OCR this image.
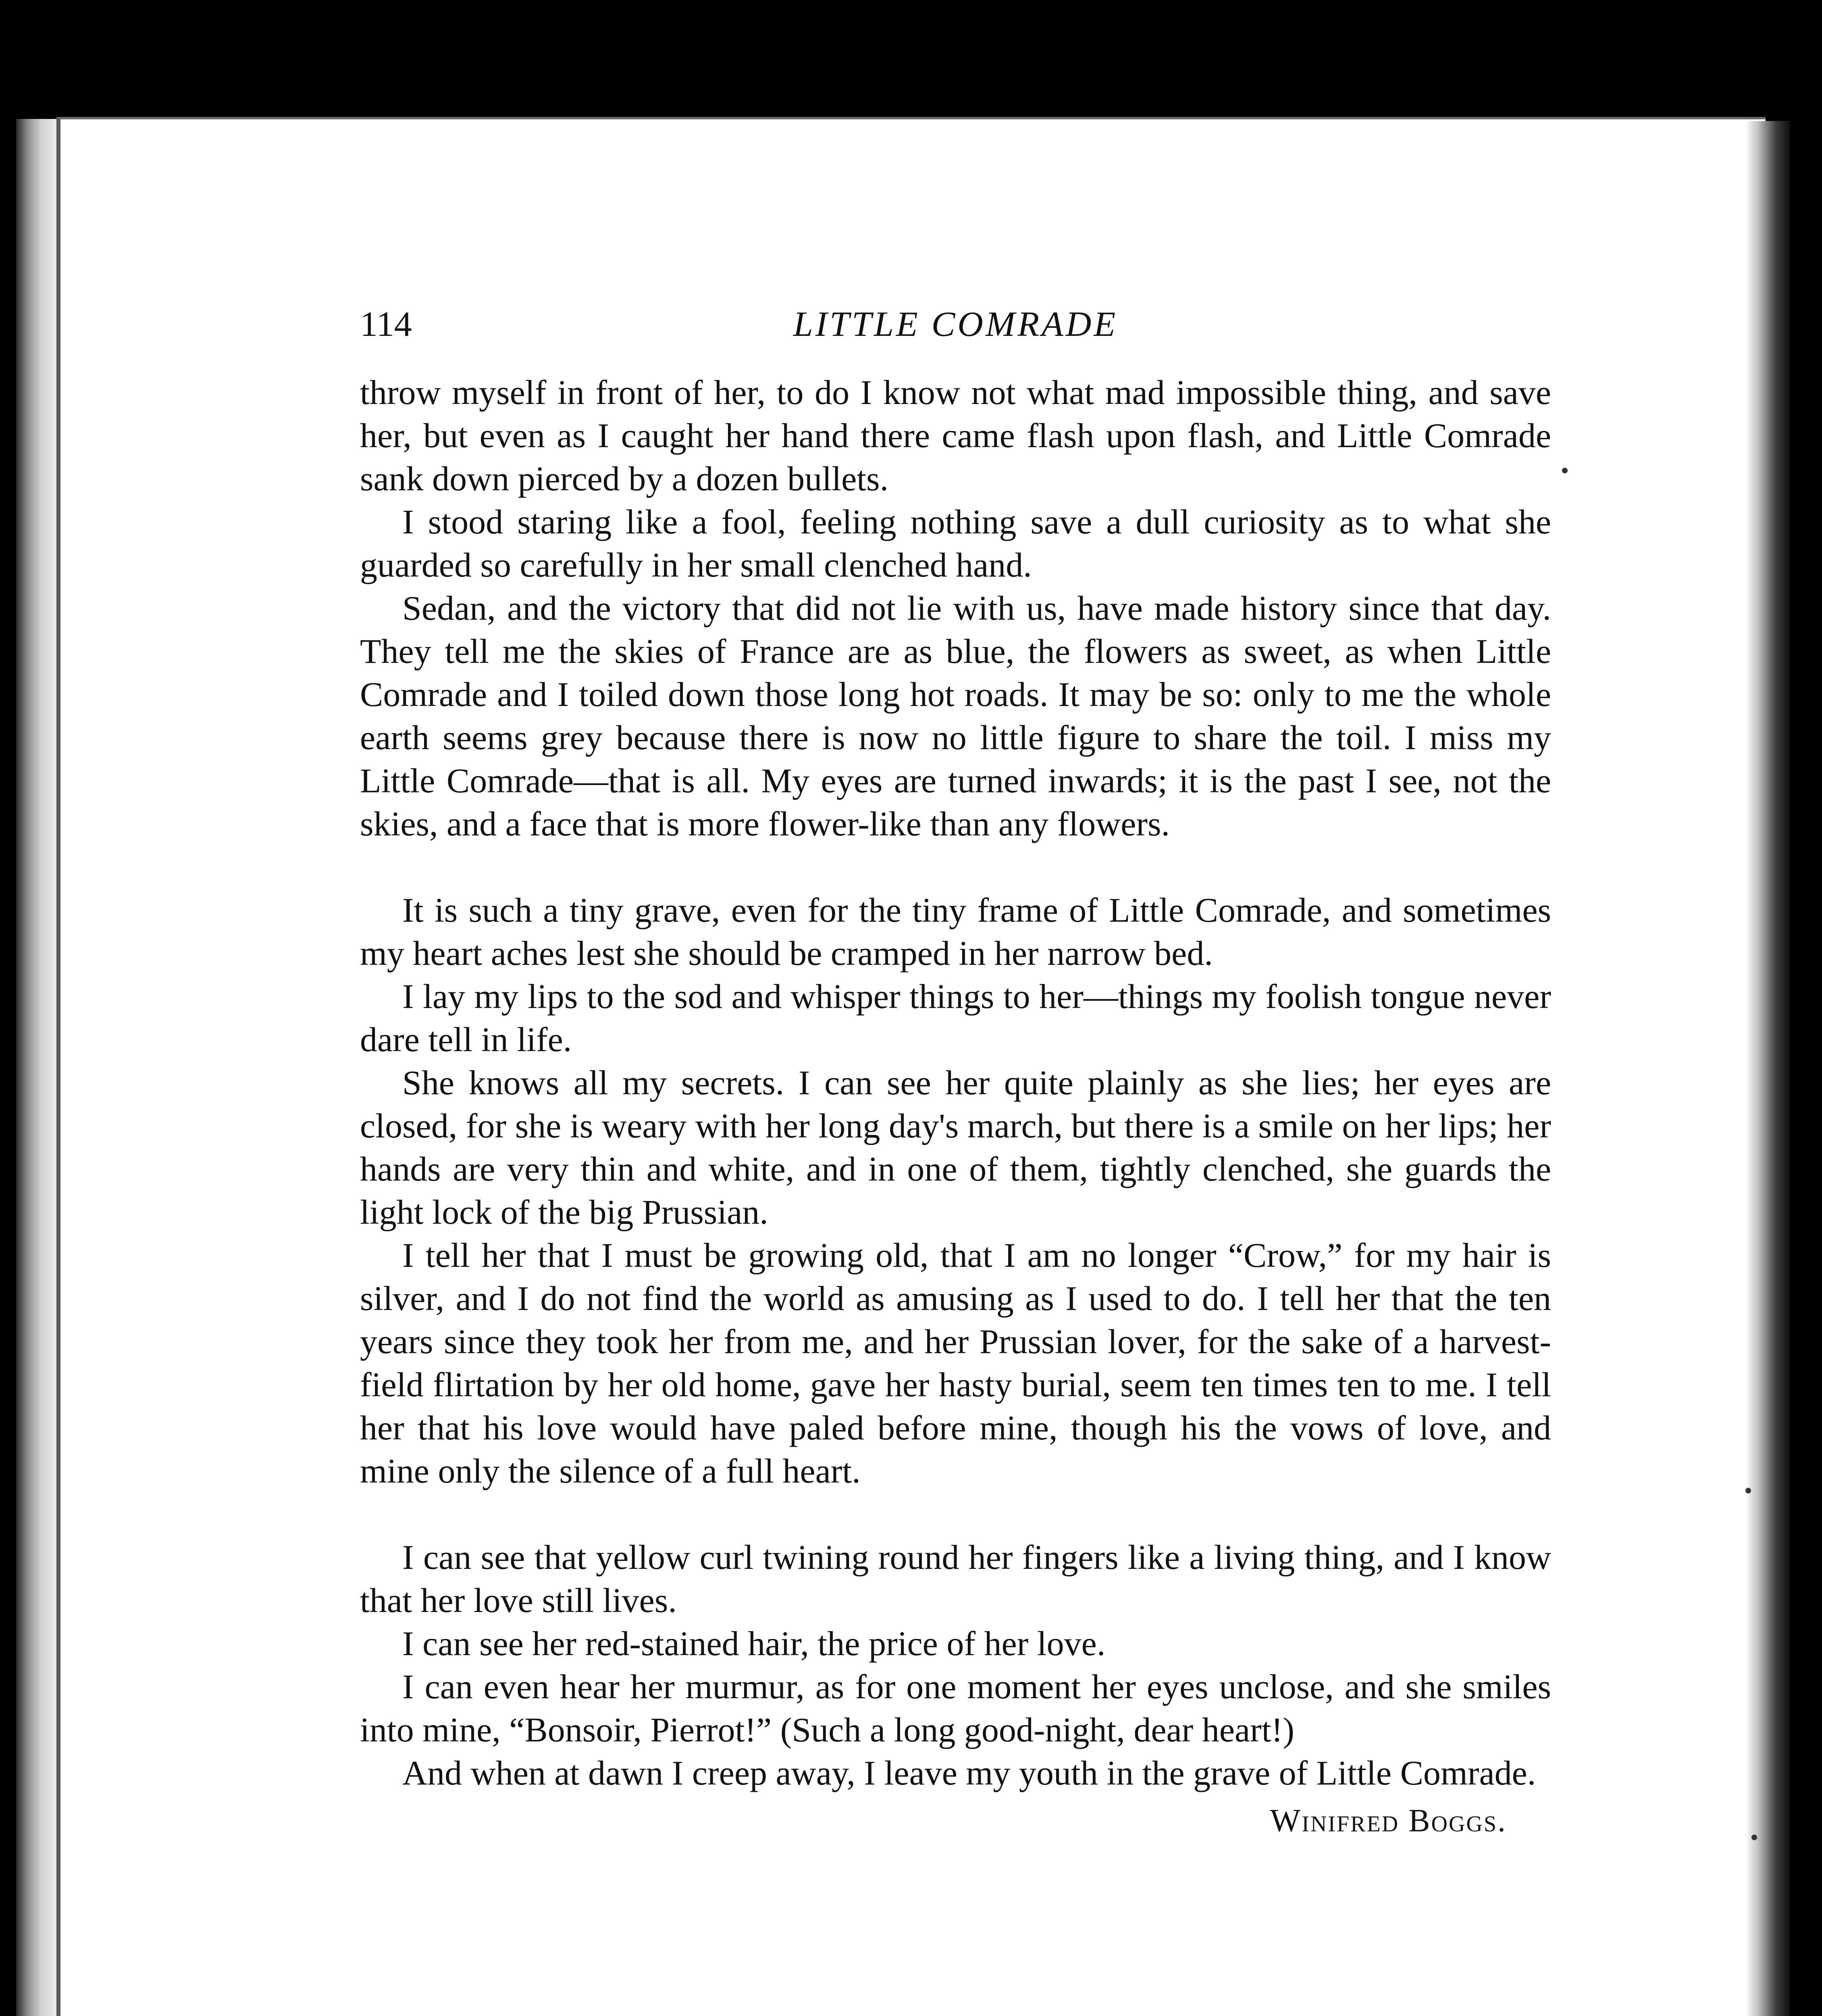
114	LITTLE COMRADE

throw myself in front of her, to do I know not what mad impossible thing, and save her, but even as I caught her hand there came flash upon flash, and Little Comrade sank down pierced by a dozen bullets.

I stood staring like a fool, feeling nothing save a dull curiosity as to what she guarded so carefully in her small clenched hand.

Sedan, and the victory that did not lie with us, have made history since that day. They tell me the skies of France are as blue, the flowers as sweet, as when Little Comrade and I toiled down those long hot roads. It may be so: only to me the whole earth seems grey because there is now no little figure to share the toil. I miss my Little Comrade—that is all. My eyes are turned inwards; it is the past I see, not the skies, and a face that is more flower-like than any flowers.

It is such a tiny grave, even for the tiny frame of Little Comrade, and sometimes my heart aches lest she should be cramped in her narrow bed.

I lay my lips to the sod and whisper things to her—things my foolish tongue never dare tell in life.

She knows all my secrets. I can see her quite plainly as she lies; her eyes are closed, for she is weary with her long day's march, but there is a smile on her lips; her hands are very thin and white, and in one of them, tightly clenched, she guards the light lock of the big Prussian.

I tell her that I must be growing old, that I am no longer “Crow,” for my hair is silver, and I do not find the world as amusing as I used to do. I tell her that the ten years since they took her from me, and her Prussian lover, for the sake of a harvest-field flirtation by her old home, gave her hasty burial, seem ten times ten to me. I tell her that his love would have paled before mine, though his the vows of love, and mine only the silence of a full heart.

I can see that yellow curl twining round her fingers like a living thing, and I know that her love still lives.

I can see her red-stained hair, the price of her love.

I can even hear her murmur, as for one moment her eyes unclose, and she smiles into mine, “Bonsoir, Pierrot!” (Such a long good-night, dear heart!)

And when at dawn I creep away, I leave my youth in the grave of Little Comrade.

Winifred Boggs.
